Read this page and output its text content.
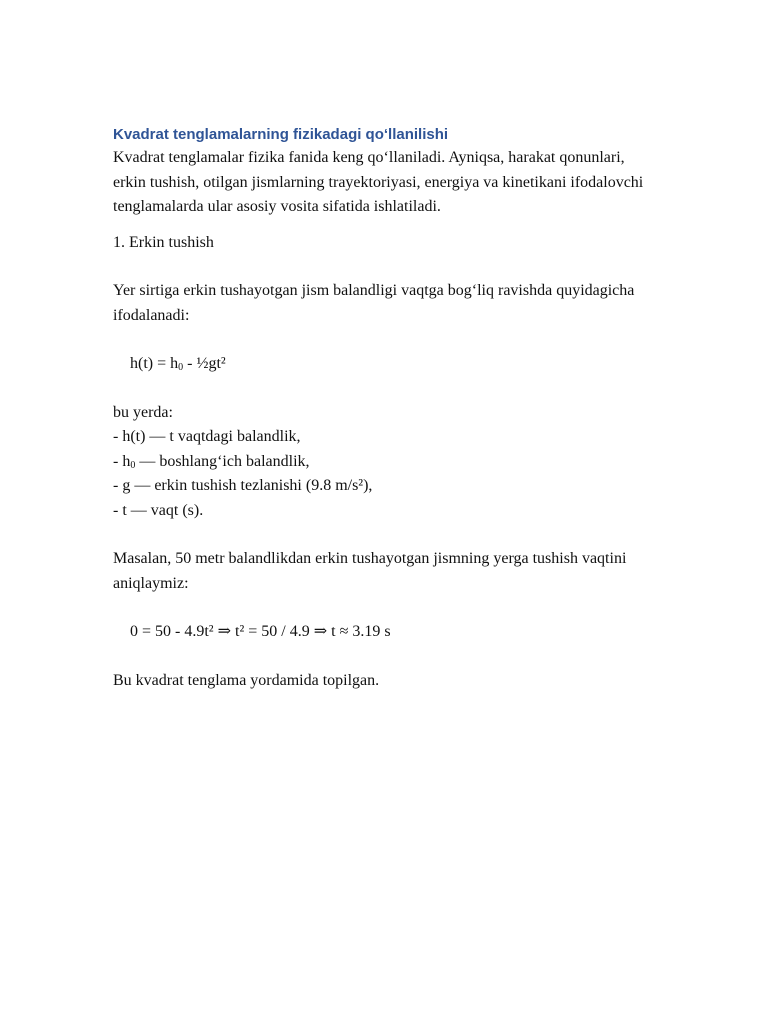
Kvadrat tenglamalarning fizikadagi qo‘llanilishi

Kvadrat tenglamalar fizika fanida keng qo‘llaniladi. Ayniqsa, harakat qonunlari, erkin tushish, otilgan jismlarning trayektoriyasi, energiya va kinetikani ifodalovchi tenglamalarda ular asosiy vosita sifatida ishlatiladi.

1. Erkin tushish

Yer sirtiga erkin tushayotgan jism balandligi vaqtga bog‘liq ravishda quyidagicha ifodalanadi:

$h(t) = h_0$ - ½gt²

bu yerda:

- h(t) — t vaqtdagi balandlik,

- $h_0$ — boshlang‘ich balandlik,

- g — erkin tushish tezlanishi (9.8 m/s²),

- t — vaqt (s).

Masalan, 50 metr balandlikdan erkin tushayotgan jismning yerga tushish vaqtini aniqlaymiz:

0 = 50 - 4.9t² ⇒ t² = 50 / 4.9 ⇒ t ≈ 3.19 s

Bu kvadrat tenglama yordamida topilgan.
